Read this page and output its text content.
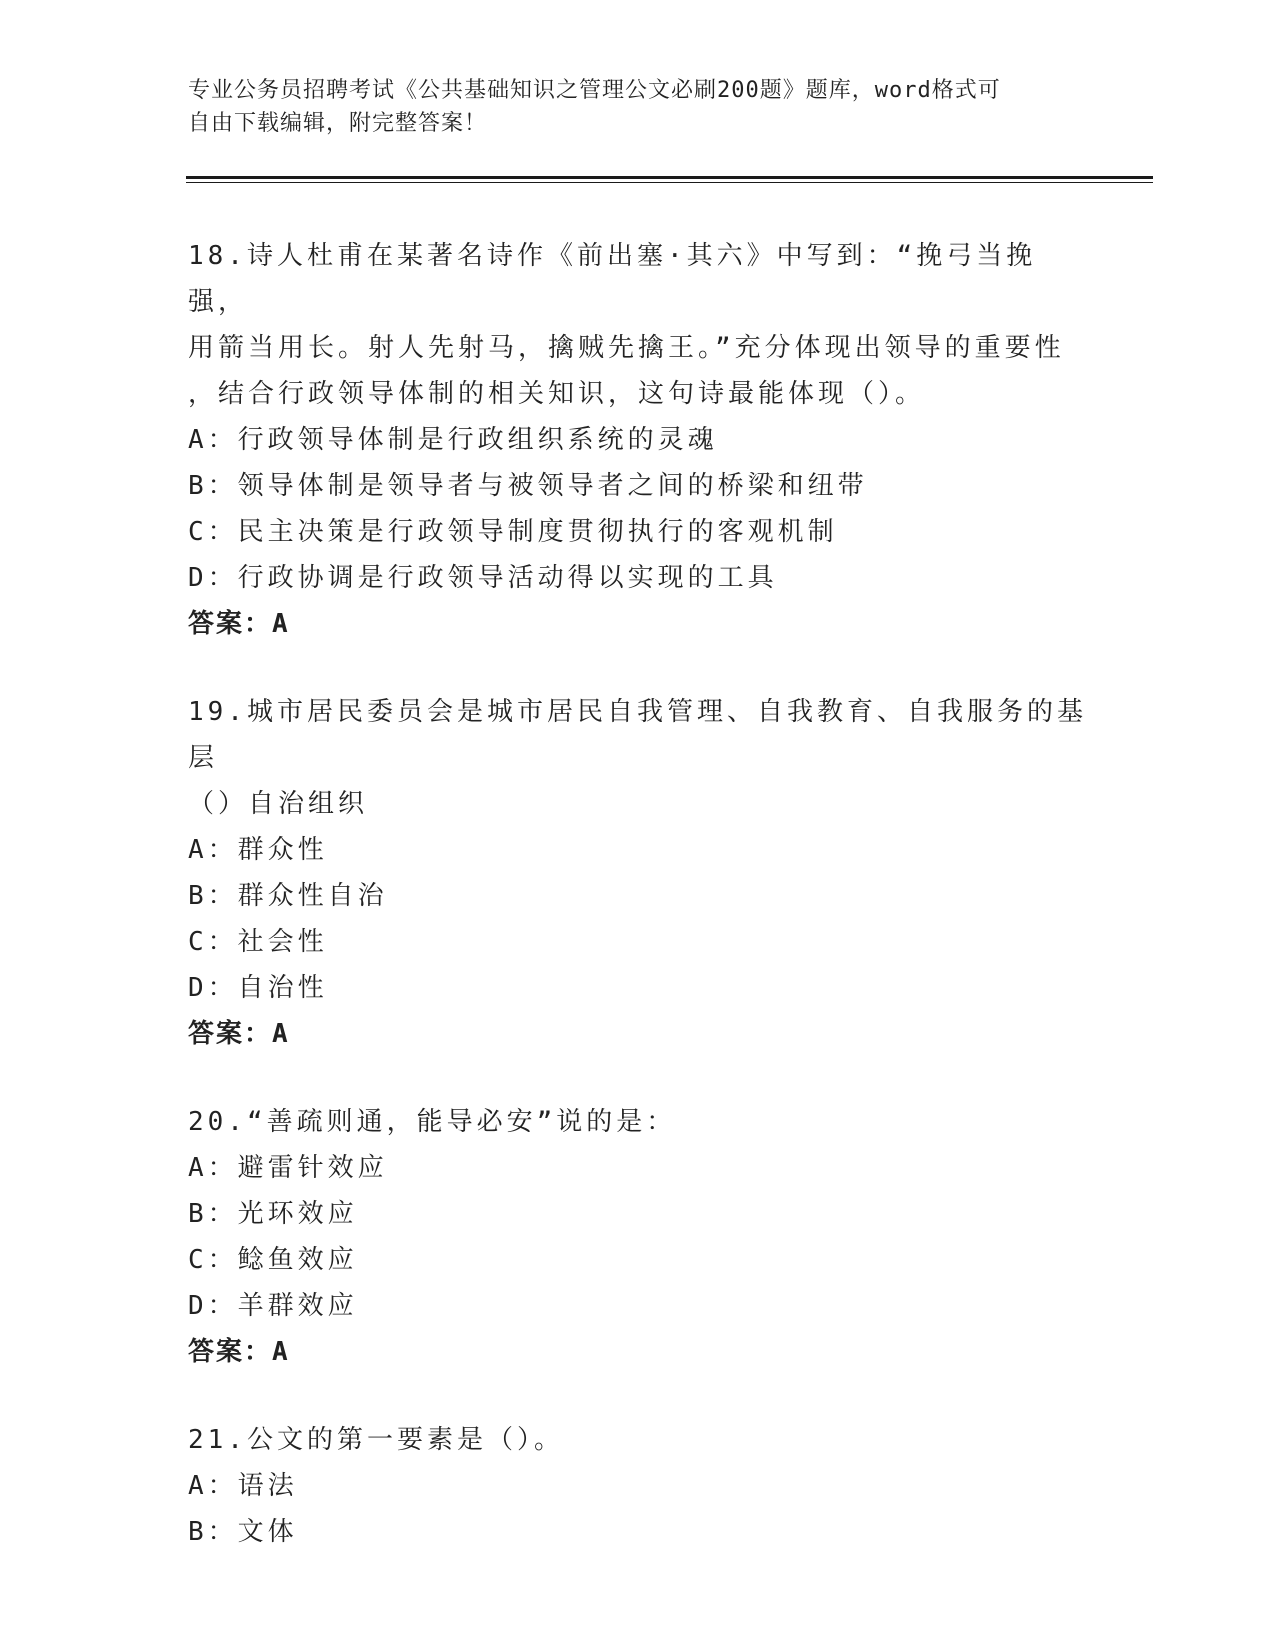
专业公务员招聘考试《公共基础知识之管理公文必刷200题》题库，word格式可
自由下载编辑，附完整答案！

18.诗人杜甫在某著名诗作《前出塞·其六》中写到：“挽弓当挽强，

用箭当用长。射人先射马，擒贼先擒王。”充分体现出领导的重要性

，结合行政领导体制的相关知识，这句诗最能体现（）。

A：行政领导体制是行政组织系统的灵魂

B：领导体制是领导者与被领导者之间的桥梁和纽带

C：民主决策是行政领导制度贯彻执行的客观机制

D：行政协调是行政领导活动得以实现的工具

答案：A

19.城市居民委员会是城市居民自我管理、自我教育、自我服务的基层

（）自治组织

A：群众性

B：群众性自治

C：社会性

D：自治性

答案：A

20.“善疏则通，能导必安”说的是：

A：避雷针效应

B：光环效应

C：鲶鱼效应

D：羊群效应

答案：A

21.公文的第一要素是（）。

A：语法

B：文体
